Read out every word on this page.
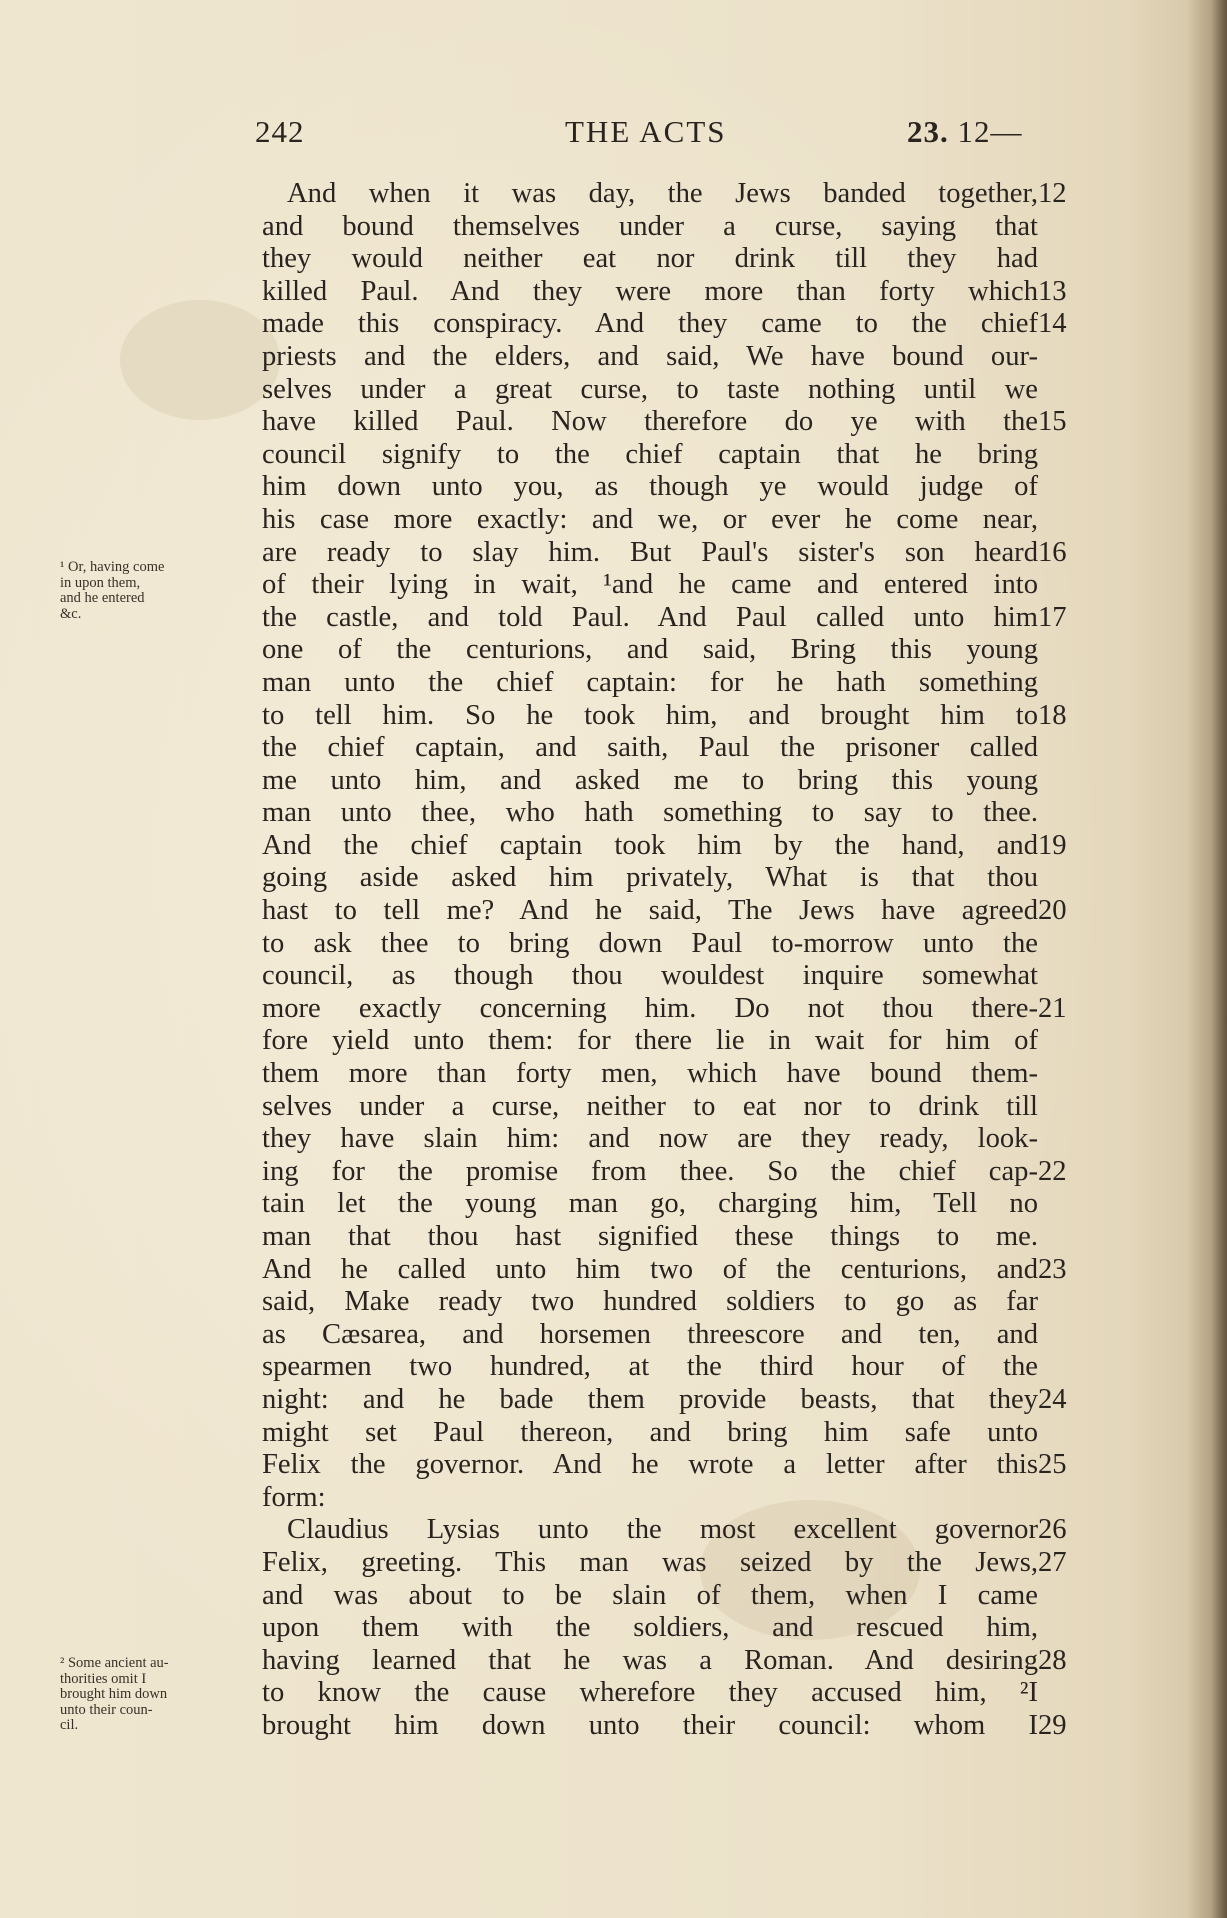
242	THE ACTS	23. 12—
And when it was day, the Jews banded together, 12
and bound themselves under a curse, saying that
they would neither eat nor drink till they had
killed Paul. And they were more than forty which 13
made this conspiracy. And they came to the chief 14
priests and the elders, and said, We have bound our-
selves under a great curse, to taste nothing until we
have killed Paul. Now therefore do ye with the 15
council signify to the chief captain that he bring
him down unto you, as though ye would judge of
his case more exactly: and we, or ever he come near,
are ready to slay him. But Paul's sister's son heard 16
of their lying in wait, ¹and he came and entered into
the castle, and told Paul. And Paul called unto him 17
one of the centurions, and said, Bring this young
man unto the chief captain: for he hath something
to tell him. So he took him, and brought him to 18
the chief captain, and saith, Paul the prisoner called
me unto him, and asked me to bring this young
man unto thee, who hath something to say to thee.
And the chief captain took him by the hand, and 19
going aside asked him privately, What is that thou
hast to tell me? And he said, The Jews have agreed 20
to ask thee to bring down Paul to-morrow unto the
council, as though thou wouldest inquire somewhat
more exactly concerning him. Do not thou there- 21
fore yield unto them: for there lie in wait for him of
them more than forty men, which have bound them-
selves under a curse, neither to eat nor to drink till
they have slain him: and now are they ready, look-
ing for the promise from thee. So the chief cap- 22
tain let the young man go, charging him, Tell no
man that thou hast signified these things to me.
And he called unto him two of the centurions, and 23
said, Make ready two hundred soldiers to go as far
as Cæsarea, and horsemen threescore and ten, and
spearmen two hundred, at the third hour of the
night: and he bade them provide beasts, that they 24
might set Paul thereon, and bring him safe unto
Felix the governor. And he wrote a letter after this 25
form:
Claudius Lysias unto the most excellent governor 26
Felix, greeting. This man was seized by the Jews, 27
and was about to be slain of them, when I came
upon them with the soldiers, and rescued him,
having learned that he was a Roman. And desiring 28
to know the cause wherefore they accused him, ²I
brought him down unto their council: whom I 29
¹ Or, having come
in upon them,
and he entered
&c.
² Some ancient au-
thorities omit I
brought him down
unto their coun-
cil.
